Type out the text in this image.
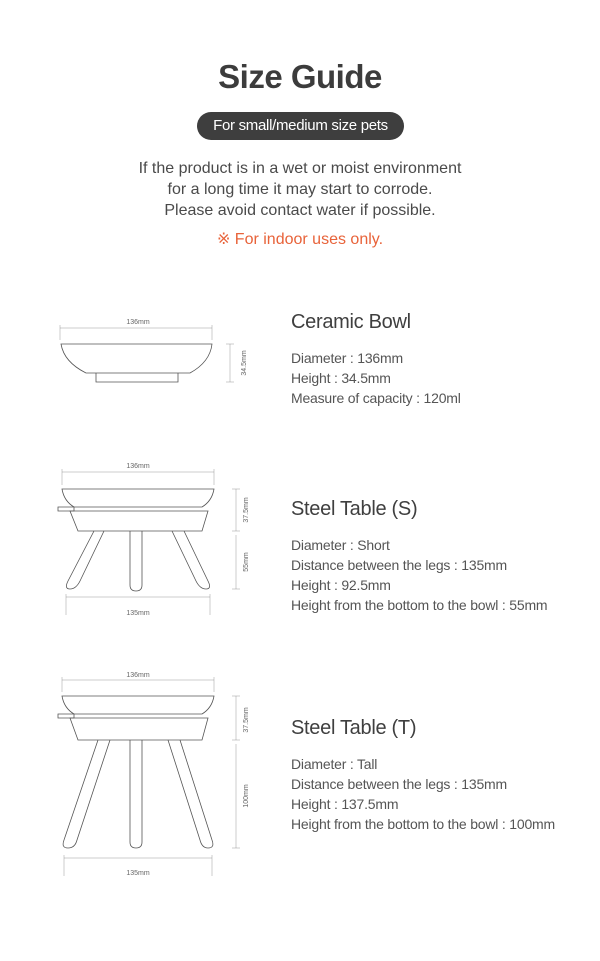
Size Guide
For small/medium size pets
If the product is in a wet or moist environment
for a long time it may start to corrode.
Please avoid contact water if possible.
※ For indoor uses only.
136mm
34.5mm
Ceramic Bowl
Diameter : 136mm
Height : 34.5mm
Measure of capacity : 120ml
136mm
37.5mm
55mm
135mm
Steel Table (S)
Diameter : Short
Distance between the legs : 135mm
Height : 92.5mm
Height from the bottom to the bowl : 55mm
136mm
37.5mm
100mm
135mm
Steel Table (T)
Diameter : Tall
Distance between the legs : 135mm
Height : 137.5mm
Height from the bottom to the bowl : 100mm
